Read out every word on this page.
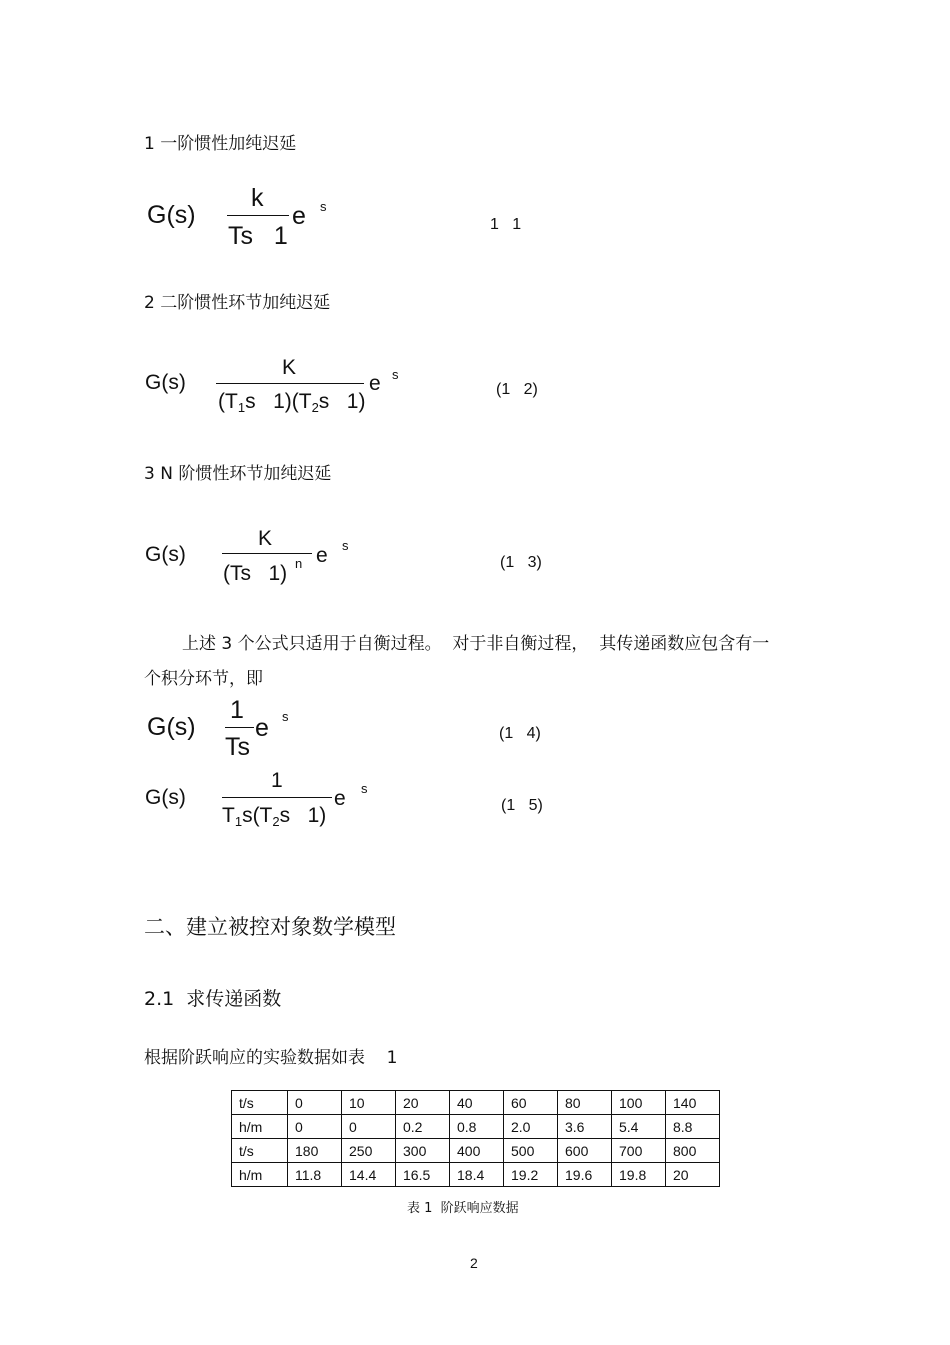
1 一阶惯性加纯迟延
G(s)
k
Ts   1
e s
1   1
2 二阶惯性环节加纯迟延
G(s)
K
($T_1s$   $1)(T_2s$   1)
e s
(1   2)
3 N 阶惯性环节加纯迟延
G(s)
K
(Ts   1) n e s
(1   3)
上述 3 个公式只适用于自衡过程。  对于非自衡过程，  其传递函数应包含有一
个积分环节，即
G(s)
1
Ts
e s
(1   4)
G(s)
1
$T_1s(T_2s$   1)
e s
(1   5)
二、建立被控对象数学模型
2.1  求传递函数
根据阶跃响应的实验数据如表    1
t/s	0	10	20	40	60	80	100	140
h/m	0	0	0.2	0.8	2.0	3.6	5.4	8.8
t/s	180	250	300	400	500	600	700	800
h/m	11.8	14.4	16.5	18.4	19.2	19.6	19.8	20
表 1  阶跃响应数据
2
